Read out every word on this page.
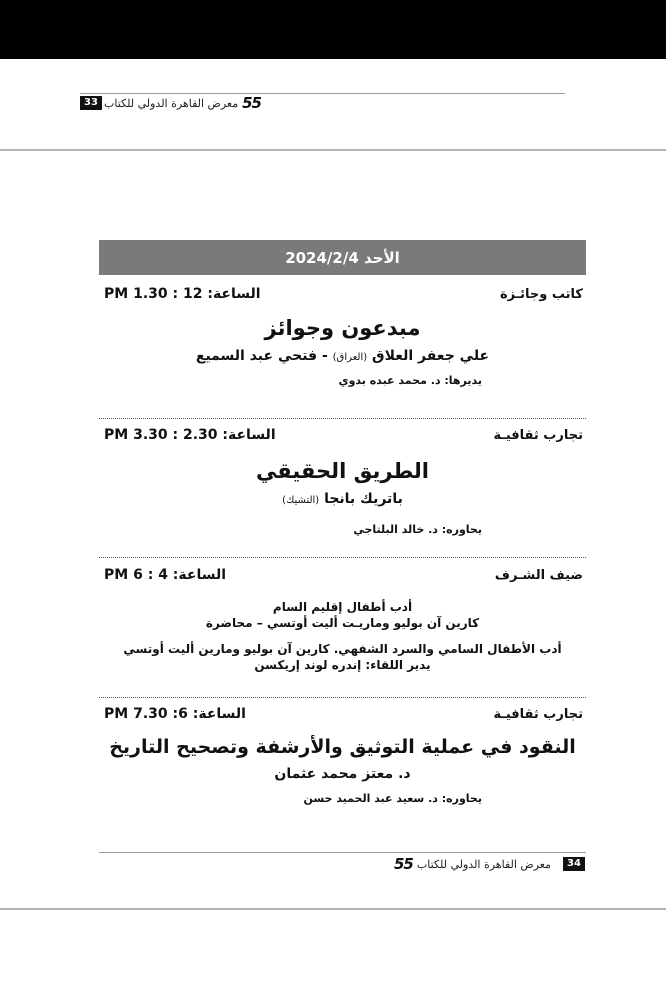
33 معرض القاهرة الدولي للكتاب 55
الأحد 2024/2/4
كاتب وجائـزة
الساعة: 12 : 1.30 PM
مبدعون وجوائز
علي جعفر العلاق (العراق) - فتحي عبد السميع
يديرها: د. محمد عبده بدوي
تجارب ثقافيـة
الساعة: 2.30 : 3.30 PM
الطريق الحقيقي
باتريك بانجا (التشيك)
يحاوره: د. خالد البلتاجي
ضيف الشـرف
الساعة: 4 : 6 PM
أدب أطفال إقليم السام
كارين آن بوليو وماريـت أليت أوتسي – محاضرة
أدب الأطفال السامي والسرد الشفهي. كارين آن بوليو ومارين أليت أوتسي
يدير اللقاء: إندره لوند إريكسن
تجارب ثقافيـة
الساعة: 6: 7.30 PM
النقود في عملية التوثيق والأرشفة وتصحيح التاريخ
د. معتز محمد عثمان
يحاوره: د. سعيد عبد الحميد حسن
55 معرض القاهرة الدولي للكتاب	34
